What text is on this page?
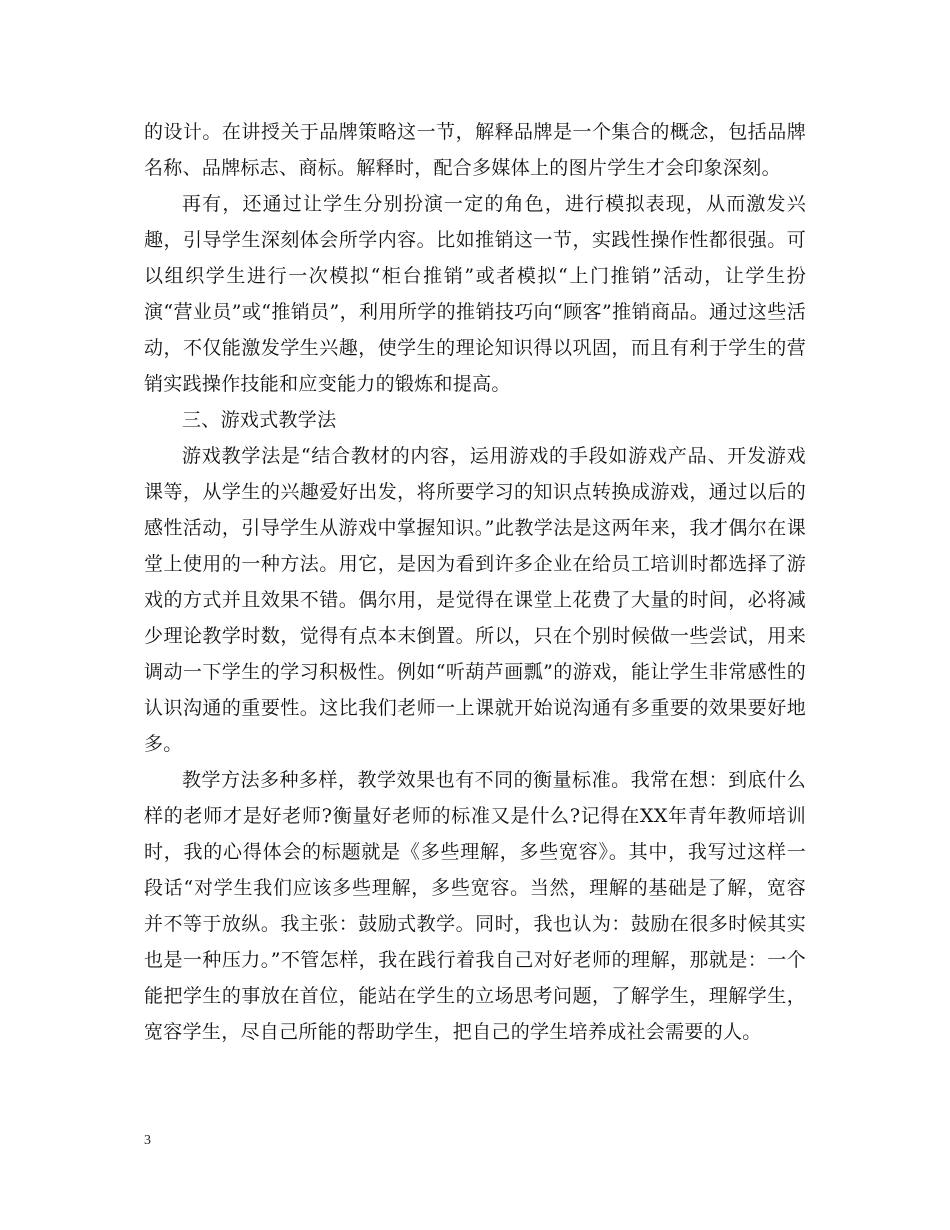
的设计。在讲授关于品牌策略这一节，解释品牌是一个集合的概念，包括品牌名称、品牌标志、商标。解释时，配合多媒体上的图片学生才会印象深刻。

再有，还通过让学生分别扮演一定的角色，进行模拟表现，从而激发兴趣，引导学生深刻体会所学内容。比如推销这一节，实践性操作性都很强。可以组织学生进行一次模拟“柜台推销”或者模拟“上门推销”活动，让学生扮演“营业员”或“推销员”，利用所学的推销技巧向“顾客”推销商品。通过这些活动，不仅能激发学生兴趣，使学生的理论知识得以巩固，而且有利于学生的营销实践操作技能和应变能力的锻炼和提高。

三、游戏式教学法

游戏教学法是“结合教材的内容，运用游戏的手段如游戏产品、开发游戏课等，从学生的兴趣爱好出发，将所要学习的知识点转换成游戏，通过以后的感性活动，引导学生从游戏中掌握知识。”此教学法是这两年来，我才偶尔在课堂上使用的一种方法。用它，是因为看到许多企业在给员工培训时都选择了游戏的方式并且效果不错。偶尔用，是觉得在课堂上花费了大量的时间，必将减少理论教学时数，觉得有点本末倒置。所以，只在个别时候做一些尝试，用来调动一下学生的学习积极性。例如“听葫芦画瓢”的游戏，能让学生非常感性的认识沟通的重要性。这比我们老师一上课就开始说沟通有多重要的效果要好地多。

教学方法多种多样，教学效果也有不同的衡量标准。我常在想：到底什么样的老师才是好老师?衡量好老师的标准又是什么?记得在XX年青年教师培训时，我的心得体会的标题就是《多些理解，多些宽容》。其中，我写过这样一段话“对学生我们应该多些理解，多些宽容。当然，理解的基础是了解，宽容并不等于放纵。我主张：鼓励式教学。同时，我也认为：鼓励在很多时候其实也是一种压力。”不管怎样，我在践行着我自己对好老师的理解，那就是：一个能把学生的事放在首位，能站在学生的立场思考问题，了解学生，理解学生，宽容学生，尽自己所能的帮助学生，把自己的学生培养成社会需要的人。

3
